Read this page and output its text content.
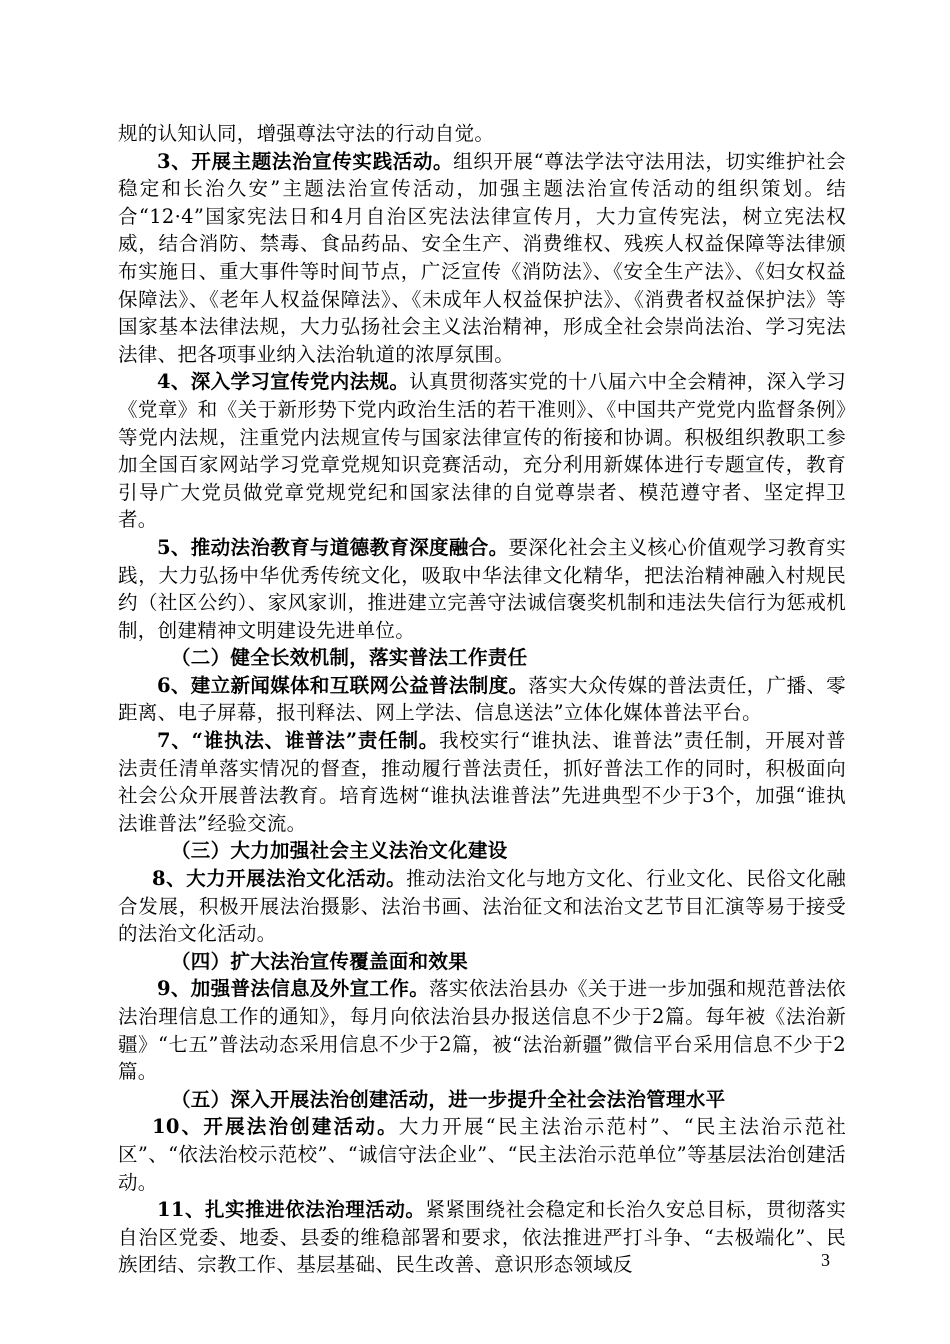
规的认知认同，增强尊法守法的行动自觉。

3、开展主题法治宣传实践活动。组织开展“尊法学法守法用法，切实维护社会稳定和长治久安”主题法治宣传活动，加强主题法治宣传活动的组织策划。结合“12·4”国家宪法日和4月自治区宪法法律宣传月，大力宣传宪法，树立宪法权威，结合消防、禁毒、食品药品、安全生产、消费维权、残疾人权益保障等法律颁布实施日、重大事件等时间节点，广泛宣传《消防法》、《安全生产法》、《妇女权益保障法》、《老年人权益保障法》、《未成年人权益保护法》、《消费者权益保护法》等国家基本法律法规，大力弘扬社会主义法治精神，形成全社会崇尚法治、学习宪法法律、把各项事业纳入法治轨道的浓厚氛围。

4、深入学习宣传党内法规。认真贯彻落实党的十八届六中全会精神，深入学习《党章》和《关于新形势下党内政治生活的若干准则》、《中国共产党党内监督条例》等党内法规，注重党内法规宣传与国家法律宣传的衔接和协调。积极组织教职工参加全国百家网站学习党章党规知识竞赛活动，充分利用新媒体进行专题宣传，教育引导广大党员做党章党规党纪和国家法律的自觉尊崇者、模范遵守者、坚定捍卫者。

5、推动法治教育与道德教育深度融合。要深化社会主义核心价值观学习教育实践，大力弘扬中华优秀传统文化，吸取中华法律文化精华，把法治精神融入村规民约（社区公约）、家风家训，推进建立完善守法诚信褒奖机制和违法失信行为惩戒机制，创建精神文明建设先进单位。

（二）健全长效机制，落实普法工作责任

6、建立新闻媒体和互联网公益普法制度。落实大众传媒的普法责任，广播、零距离、电子屏幕，报刊释法、网上学法、信息送法”立体化媒体普法平台。

7、“谁执法、谁普法”责任制。我校实行“谁执法、谁普法”责任制，开展对普法责任清单落实情况的督查，推动履行普法责任，抓好普法工作的同时，积极面向社会公众开展普法教育。培育选树“谁执法谁普法”先进典型不少于3个，加强“谁执法谁普法”经验交流。

（三）大力加强社会主义法治文化建设

8、大力开展法治文化活动。推动法治文化与地方文化、行业文化、民俗文化融合发展，积极开展法治摄影、法治书画、法治征文和法治文艺节目汇演等易于接受的法治文化活动。

（四）扩大法治宣传覆盖面和效果

9、加强普法信息及外宣工作。落实依法治县办《关于进一步加强和规范普法依法治理信息工作的通知》，每月向依法治县办报送信息不少于2篇。每年被《法治新疆》“七五”普法动态采用信息不少于2篇，被“法治新疆”微信平台采用信息不少于2篇。

（五）深入开展法治创建活动，进一步提升全社会法治管理水平

10、开展法治创建活动。大力开展“民主法治示范村”、“民主法治示范社区”、“依法治校示范校”、“诚信守法企业”、“民主法治示范单位”等基层法治创建活动。

11、扎实推进依法治理活动。紧紧围绕社会稳定和长治久安总目标，贯彻落实自治区党委、地委、县委的维稳部署和要求，依法推进严打斗争、“去极端化”、民族团结、宗教工作、基层基础、民生改善、意识形态领域反	3
